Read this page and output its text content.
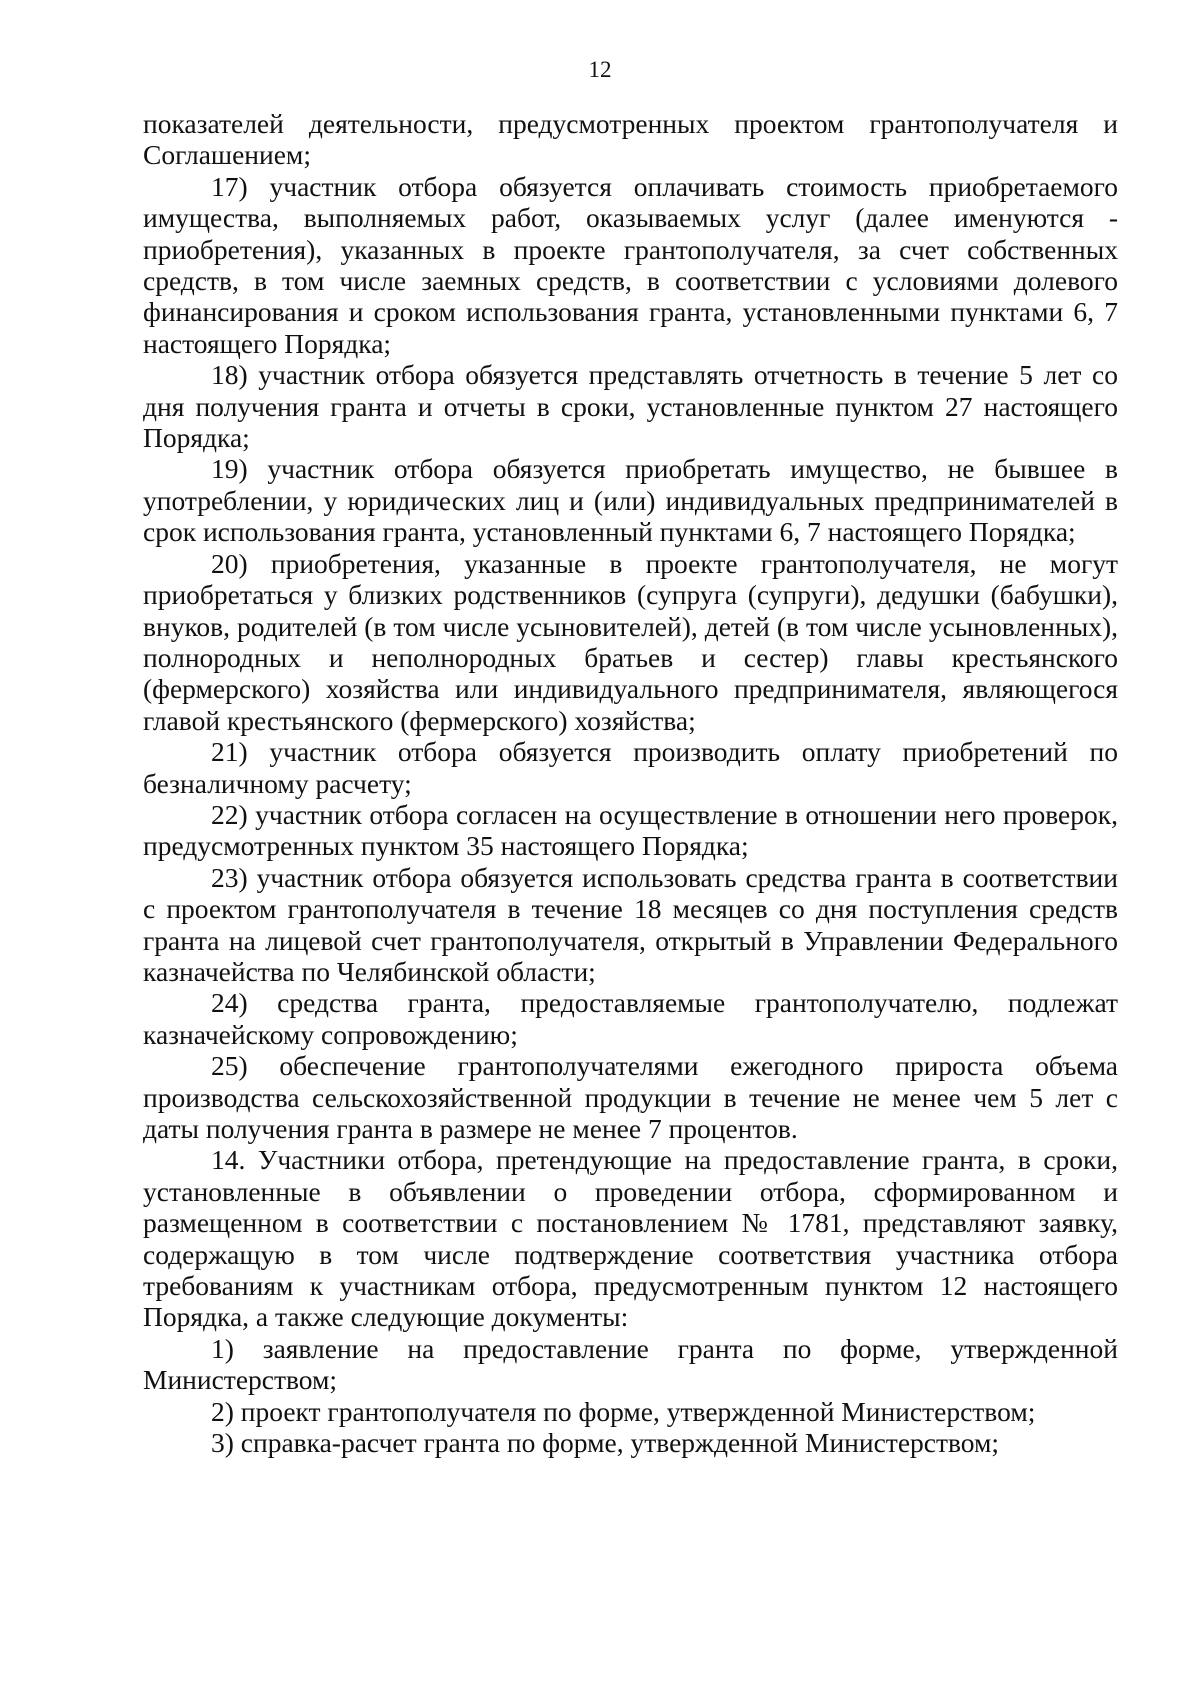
12

показателей деятельности, предусмотренных проектом грантополучателя и Соглашением;

17) участник отбора обязуется оплачивать стоимость приобретаемого имущества, выполняемых работ, оказываемых услуг (далее именуются - приобретения), указанных в проекте грантополучателя, за счет собственных средств, в том числе заемных средств, в соответствии с условиями долевого финансирования и сроком использования гранта, установленными пунктами 6, 7 настоящего Порядка;

18) участник отбора обязуется представлять отчетность в течение 5 лет со дня получения гранта и отчеты в сроки, установленные пунктом 27 настоящего Порядка;

19) участник отбора обязуется приобретать имущество, не бывшее в употреблении, у юридических лиц и (или) индивидуальных предпринимателей в срок использования гранта, установленный пунктами 6, 7 настоящего Порядка;

20) приобретения, указанные в проекте грантополучателя, не могут приобретаться у близких родственников (супруга (супруги), дедушки (бабушки), внуков, родителей (в том числе усыновителей), детей (в том числе усыновленных), полнородных и неполнородных братьев и сестер) главы крестьянского (фермерского) хозяйства или индивидуального предпринимателя, являющегося главой крестьянского (фермерского) хозяйства;

21) участник отбора обязуется производить оплату приобретений по безналичному расчету;

22) участник отбора согласен на осуществление в отношении него проверок, предусмотренных пунктом 35 настоящего Порядка;

23) участник отбора обязуется использовать средства гранта в соответствии с проектом грантополучателя в течение 18 месяцев со дня поступления средств гранта на лицевой счет грантополучателя, открытый в Управлении Федерального казначейства по Челябинской области;

24) средства гранта, предоставляемые грантополучателю, подлежат казначейскому сопровождению;

25) обеспечение грантополучателями ежегодного прироста объема производства сельскохозяйственной продукции в течение не менее чем 5 лет с даты получения гранта в размере не менее 7 процентов.

14. Участники отбора, претендующие на предоставление гранта, в сроки, установленные в объявлении о проведении отбора, сформированном и размещенном в соответствии с постановлением № 1781, представляют заявку, содержащую в том числе подтверждение соответствия участника отбора требованиям к участникам отбора, предусмотренным пунктом 12 настоящего Порядка, а также следующие документы:

1) заявление на предоставление гранта по форме, утвержденной Министерством;

2) проект грантополучателя по форме, утвержденной Министерством;

3) справка-расчет гранта по форме, утвержденной Министерством;
